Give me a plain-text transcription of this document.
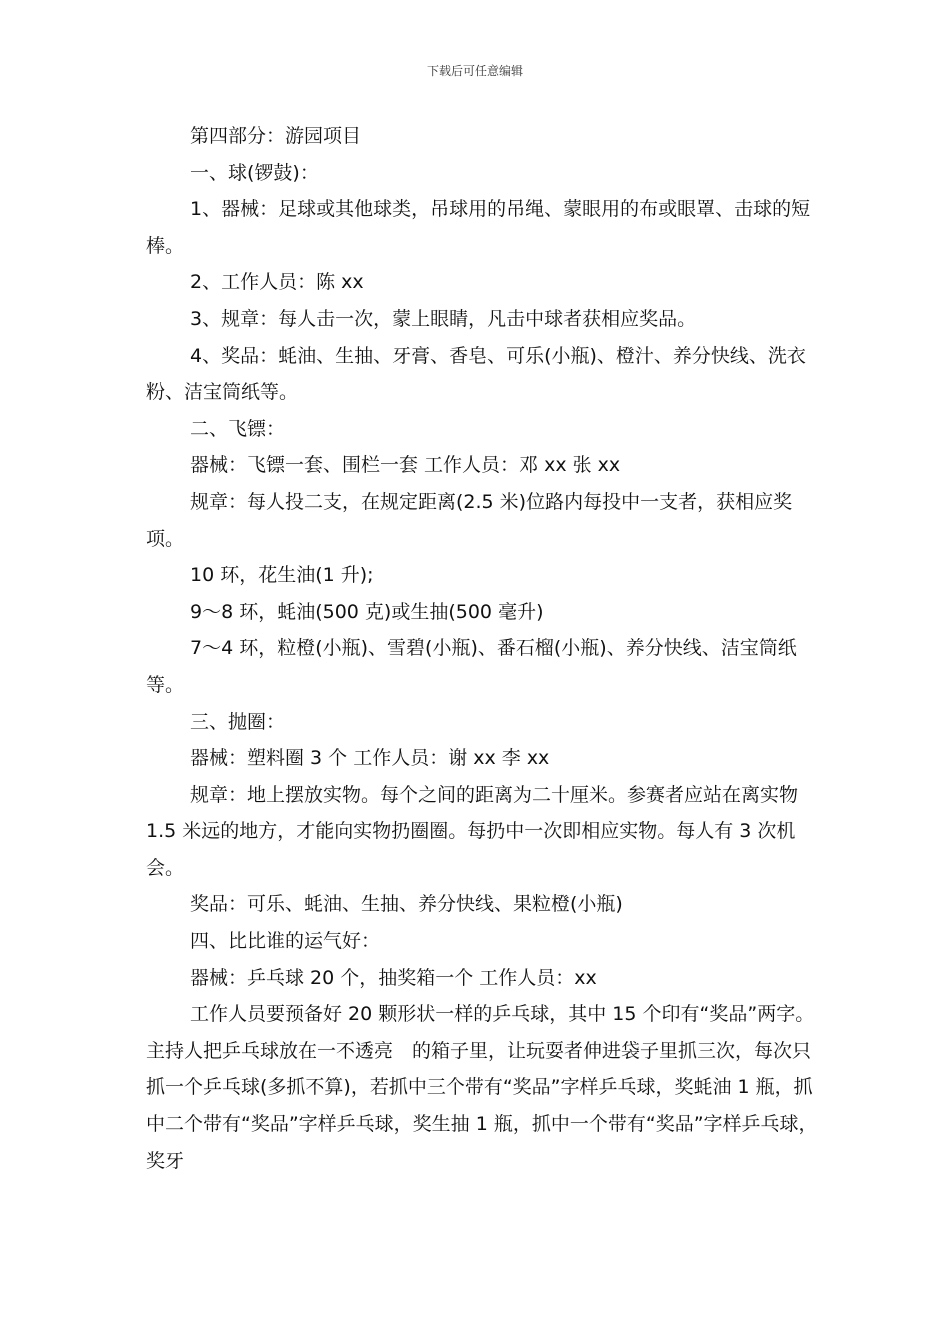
下载后可任意编辑

第四部分：游园项目

一、球(锣鼓)：

1、器械：足球或其他球类，吊球用的吊绳、蒙眼用的布或眼罩、击球的短棒。

2、工作人员：陈 xx

3、规章：每人击一次，蒙上眼睛，凡击中球者获相应奖品。

4、奖品：蚝油、生抽、牙膏、香皂、可乐(小瓶)、橙汁、养分快线、洗衣粉、洁宝筒纸等。

二、飞镖：

器械：飞镖一套、围栏一套 工作人员：邓 xx 张 xx

规章：每人投二支，在规定距离(2.5 米)位路内每投中一支者，获相应奖项。

10 环，花生油(1 升);

9～8 环，蚝油(500 克)或生抽(500 毫升)

7～4 环，粒橙(小瓶)、雪碧(小瓶)、番石榴(小瓶)、养分快线、洁宝筒纸等。

三、抛圈：

器械：塑料圈 3 个 工作人员：谢 xx 李 xx

规章：地上摆放实物。每个之间的距离为二十厘米。参赛者应站在离实物 1.5 米远的地方，才能向实物扔圈圈。每扔中一次即相应实物。每人有 3 次机会。

奖品：可乐、蚝油、生抽、养分快线、果粒橙(小瓶)

四、比比谁的运气好：

器械：乒乓球 20 个，抽奖箱一个 工作人员：xx

工作人员要预备好 20 颗形状一样的乒乓球，其中 15 个印有“奖品”两字。主持人把乒乓球放在一不透亮　的箱子里，让玩耍者伸进袋子里抓三次，每次只抓一个乒乓球(多抓不算)，若抓中三个带有“奖品”字样乒乓球，奖蚝油 1 瓶，抓中二个带有“奖品”字样乒乓球，奖生抽 1 瓶，抓中一个带有“奖品”字样乒乓球，奖牙
